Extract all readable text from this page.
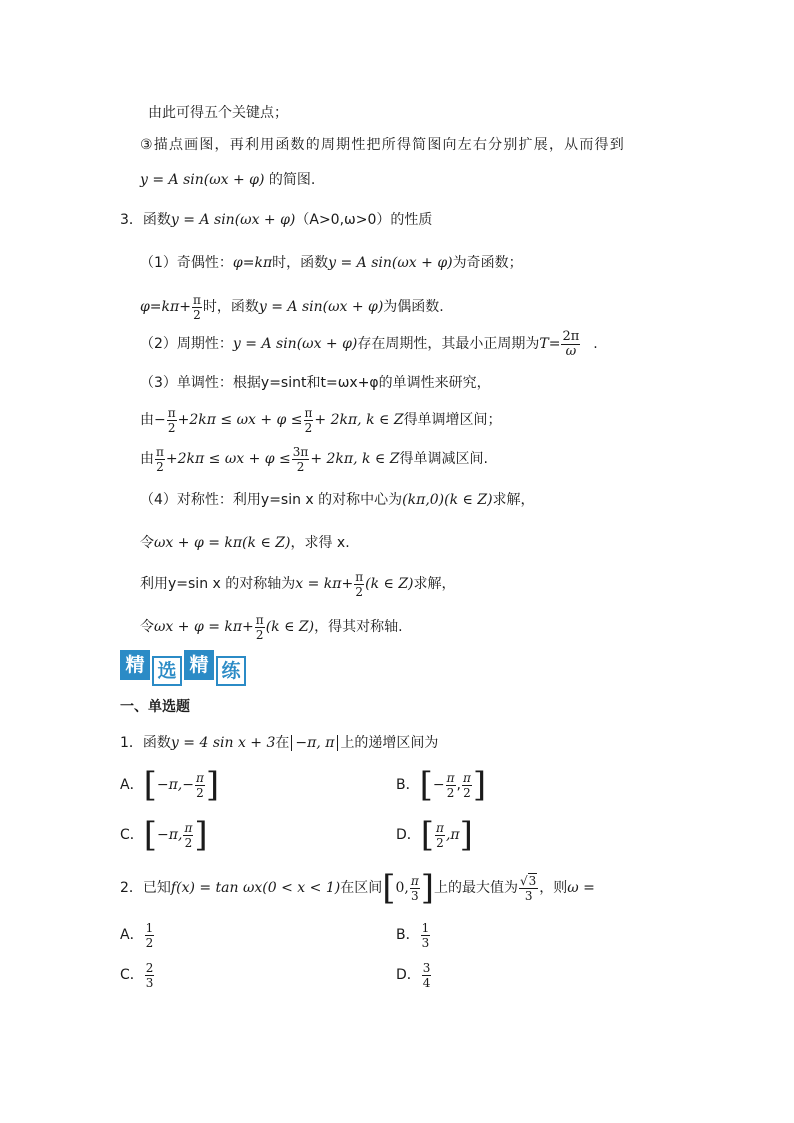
由此可得五个关键点；
③描点画图，再利用函数的周期性把所得简图向左右分别扩展，从而得到
y = A sin(ωx + φ) 的简图.
3．函数y = A sin(ωx + φ)（A>0,ω>0）的性质
（1）奇偶性：φ=kπ时，函数y = A sin(ωx + φ)为奇函数；
$\varphi=k\pi+ \frac{\pi}{2}$ 时，函数y = A sin(ωx + φ)为偶函数.
（2）周期性：y = A sin(ωx + φ)存在周期性，其最小正周期为$T= \frac{2\pi}{\omega}$ .
（3）单调性：根据y=sint和t=ωx+φ的单调性来研究，
由− $\frac{\pi}{2} +2k\pi \le \omega x + \varphi \le \frac{\pi}{2} + 2k\pi$, k ∈ Z得单调增区间；
由 $\frac{\pi}{2} +2k\pi \le \omega x + \varphi \le \frac{3\pi}{2} + 2k\pi$, k ∈ Z得单调减区间.
（4）对称性：利用y=sin x 的对称中心为(kπ,0)(k ∈ Z)求解，
令ωx + φ = kπ(k ∈ Z)，求得 x.
利用y=sin x 的对称轴为$x = k\pi+ \frac{\pi}{2} (k$ ∈ Z)求解，
令$\omega x + \varphi = k\pi+ \frac{\pi}{2} (k$ ∈ Z)，得其对称轴.
精 选 精 练
一、单选题
1．函数y = 4 sin x + 3在 −π, π 上的递增区间为
A．[$-\pi,- \frac{\pi}{2}$ ]	B．[− $\frac{\pi}{2}$ , $\frac{\pi}{2}$ ]
C．[−π, $\frac{\pi}{2}$ ]	D．[ $\frac{\pi}{2} ,\pi$]
2．已知f(x) = tan ωx(0 < x < 1)在区间[0, $\frac{\pi}{3}$ ]上的最大值为 $\frac{√3}{3}$ ，则ω =
A． $\frac{1}{2}$	B． $\frac{1}{3}$
C． $\frac{2}{3}$	D． $\frac{3}{4}$
